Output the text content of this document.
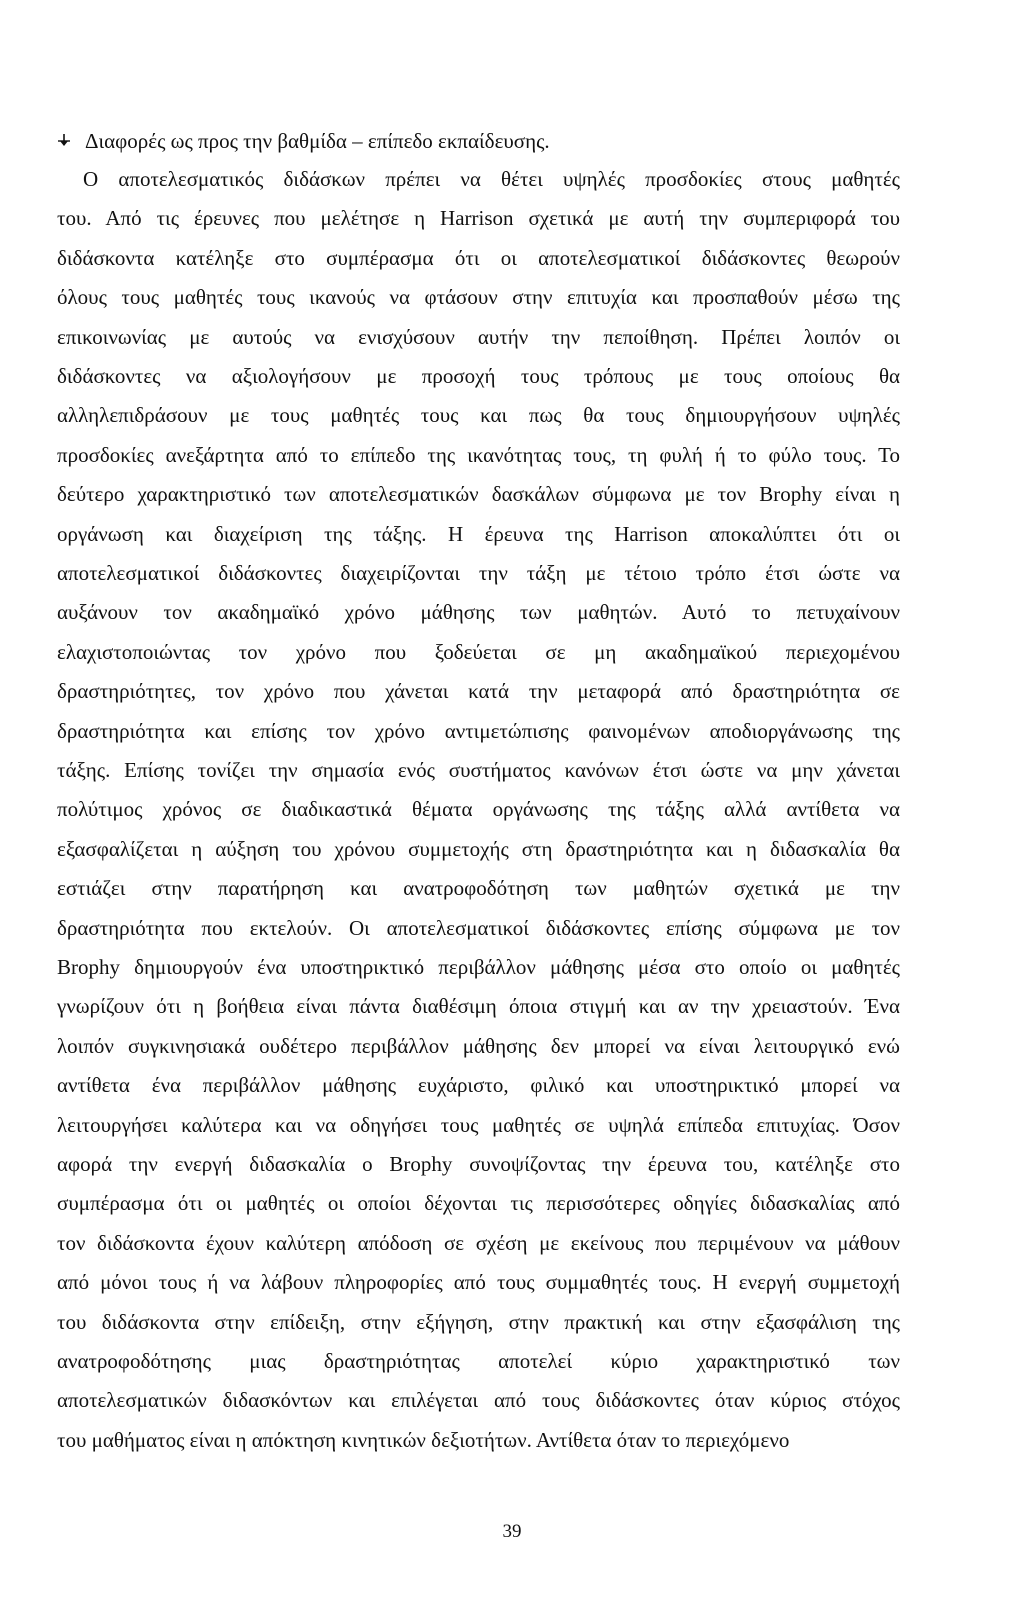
Διαφορές ως προς την βαθμίδα – επίπεδο εκπαίδευσης.
Ο αποτελεσματικός διδάσκων πρέπει να θέτει υψηλές προσδοκίες στους μαθητές
του. Από τις έρευνες που μελέτησε η Harrison σχετικά με αυτή την συμπεριφορά του
διδάσκοντα κατέληξε στο συμπέρασμα ότι οι αποτελεσματικοί διδάσκοντες θεωρούν
όλους τους μαθητές τους ικανούς να φτάσουν στην επιτυχία και προσπαθούν μέσω της
επικοινωνίας με αυτούς να ενισχύσουν αυτήν την πεποίθηση. Πρέπει λοιπόν οι
διδάσκοντες να αξιολογήσουν με προσοχή τους τρόπους με τους οποίους θα
αλληλεπιδράσουν με τους μαθητές τους και πως θα τους δημιουργήσουν υψηλές
προσδοκίες ανεξάρτητα από το επίπεδο της ικανότητας τους, τη φυλή ή το φύλο τους. Το
δεύτερο χαρακτηριστικό των αποτελεσματικών δασκάλων σύμφωνα με τον Brophy είναι η
οργάνωση και διαχείριση της τάξης. Η έρευνα της Harrison αποκαλύπτει ότι οι
αποτελεσματικοί διδάσκοντες διαχειρίζονται την τάξη με τέτοιο τρόπο έτσι ώστε να
αυξάνουν τον ακαδημαϊκό χρόνο μάθησης των μαθητών. Αυτό το πετυχαίνουν
ελαχιστοποιώντας τον χρόνο που ξοδεύεται σε μη ακαδημαϊκού περιεχομένου
δραστηριότητες, τον χρόνο που χάνεται κατά την μεταφορά από δραστηριότητα σε
δραστηριότητα και επίσης τον χρόνο αντιμετώπισης φαινομένων αποδιοργάνωσης της
τάξης. Επίσης τονίζει την σημασία ενός συστήματος κανόνων έτσι ώστε να μην χάνεται
πολύτιμος χρόνος σε διαδικαστικά θέματα οργάνωσης της τάξης αλλά αντίθετα να
εξασφαλίζεται η αύξηση του χρόνου συμμετοχής στη δραστηριότητα και η διδασκαλία θα
εστιάζει στην παρατήρηση και ανατροφοδότηση των μαθητών σχετικά με την
δραστηριότητα που εκτελούν. Οι αποτελεσματικοί διδάσκοντες επίσης σύμφωνα με τον
Brophy δημιουργούν ένα υποστηρικτικό περιβάλλον μάθησης μέσα στο οποίο οι μαθητές
γνωρίζουν ότι η βοήθεια είναι πάντα διαθέσιμη όποια στιγμή και αν την χρειαστούν. Ένα
λοιπόν συγκινησιακά ουδέτερο περιβάλλον μάθησης δεν μπορεί να είναι λειτουργικό ενώ
αντίθετα ένα περιβάλλον μάθησης ευχάριστο, φιλικό και υποστηρικτικό μπορεί να
λειτουργήσει καλύτερα και να οδηγήσει τους μαθητές σε υψηλά επίπεδα επιτυχίας. Όσον
αφορά την ενεργή διδασκαλία ο Brophy συνοψίζοντας την έρευνα του, κατέληξε στο
συμπέρασμα ότι οι μαθητές οι οποίοι δέχονται τις περισσότερες οδηγίες διδασκαλίας από
τον διδάσκοντα έχουν καλύτερη απόδοση σε σχέση με εκείνους που περιμένουν να μάθουν
από μόνοι τους ή να λάβουν πληροφορίες από τους συμμαθητές τους. Η ενεργή συμμετοχή
του διδάσκοντα στην επίδειξη, στην εξήγηση, στην πρακτική και στην εξασφάλιση της
ανατροφοδότησης μιας δραστηριότητας αποτελεί κύριο χαρακτηριστικό των
αποτελεσματικών διδασκόντων και επιλέγεται από τους διδάσκοντες όταν κύριος στόχος
του μαθήματος είναι η απόκτηση κινητικών δεξιοτήτων. Αντίθετα όταν το περιεχόμενο
39
